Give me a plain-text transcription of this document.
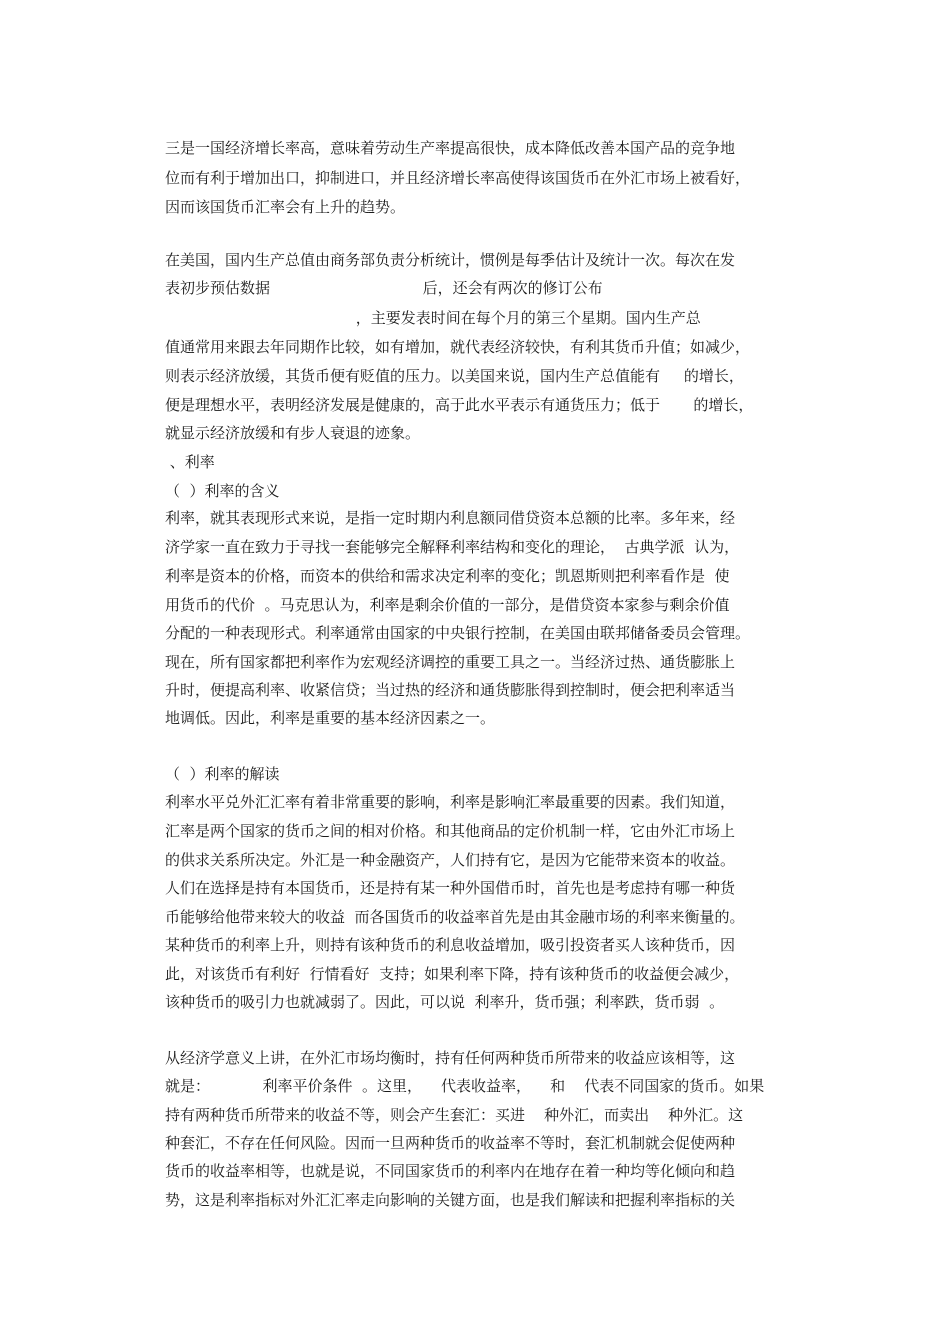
三是一国经济增长率高，意味着劳动生产率提高很快，成本降低改善本国产品的竞争地
位而有利于增加出口，抑制进口，并且经济增长率高使得该国货币在外汇市场上被看好，
因而该国货币汇率会有上升的趋势。
在美国，国内生产总值由商务部负责分析统计，惯例是每季估计及统计一次。每次在发
表初步预估数据                                后，还会有两次的修订公布
，主要发表时间在每个月的第三个星期。国内生产总
值通常用来跟去年同期作比较，如有增加，就代表经济较快，有利其货币升值；如减少，
则表示经济放缓，其货币便有贬值的压力。以美国来说，国内生产总值能有     的增长，
便是理想水平，表明经济发展是健康的，高于此水平表示有通货压力；低于       的增长，
就显示经济放缓和有步人衰退的迹象。
、利率
（  ）利率的含义
利率，就其表现形式来说，是指一定时期内利息额同借贷资本总额的比率。多年来，经
济学家一直在致力于寻找一套能够完全解释利率结构和变化的理论，  古典学派  认为，
利率是资本的价格，而资本的供给和需求决定利率的变化；凯恩斯则把利率看作是  使
用货币的代价  。马克思认为，利率是剩余价值的一部分，是借贷资本家参与剩余价值
分配的一种表现形式。利率通常由国家的中央银行控制，在美国由联邦储备委员会管理。
现在，所有国家都把利率作为宏观经济调控的重要工具之一。当经济过热、通货膨胀上
升时，便提高利率、收紧信贷；当过热的经济和通货膨胀得到控制时，便会把利率适当
地调低。因此，利率是重要的基本经济因素之一。
（  ）利率的解读
利率水平兑外汇汇率有着非常重要的影响，利率是影响汇率最重要的因素。我们知道，
汇率是两个国家的货币之间的相对价格。和其他商品的定价机制一样，它由外汇市场上
的供求关系所决定。外汇是一种金融资产，人们持有它，是因为它能带来资本的收益。
人们在选择是持有本国货币，还是持有某一种外国借币时，首先也是考虑持有哪一种货
币能够给他带来较大的收益  而各国货币的收益率首先是由其金融市场的利率来衡量的。
某种货币的利率上升，则持有该种货币的利息收益增加，吸引投资者买人该种货币，因
此，对该货币有利好  行情看好  支持；如果利率下降，持有该种货币的收益便会减少，
该种货币的吸引力也就减弱了。因此，可以说  利率升，货币强；利率跌，货币弱  。
从经济学意义上讲，在外汇市场均衡时，持有任何两种货币所带来的收益应该相等，这
就是：           利率平价条件  。这里，    代表收益率，    和    代表不同国家的货币。如果
持有两种货币所带来的收益不等，则会产生套汇：买进    种外汇，而卖出    种外汇。这
种套汇，不存在任何风险。因而一旦两种货币的收益率不等时，套汇机制就会促使两种
货币的收益率相等，也就是说，不同国家货币的利率内在地存在着一种均等化倾向和趋
势，这是利率指标对外汇汇率走向影响的关键方面，也是我们解读和把握利率指标的关
